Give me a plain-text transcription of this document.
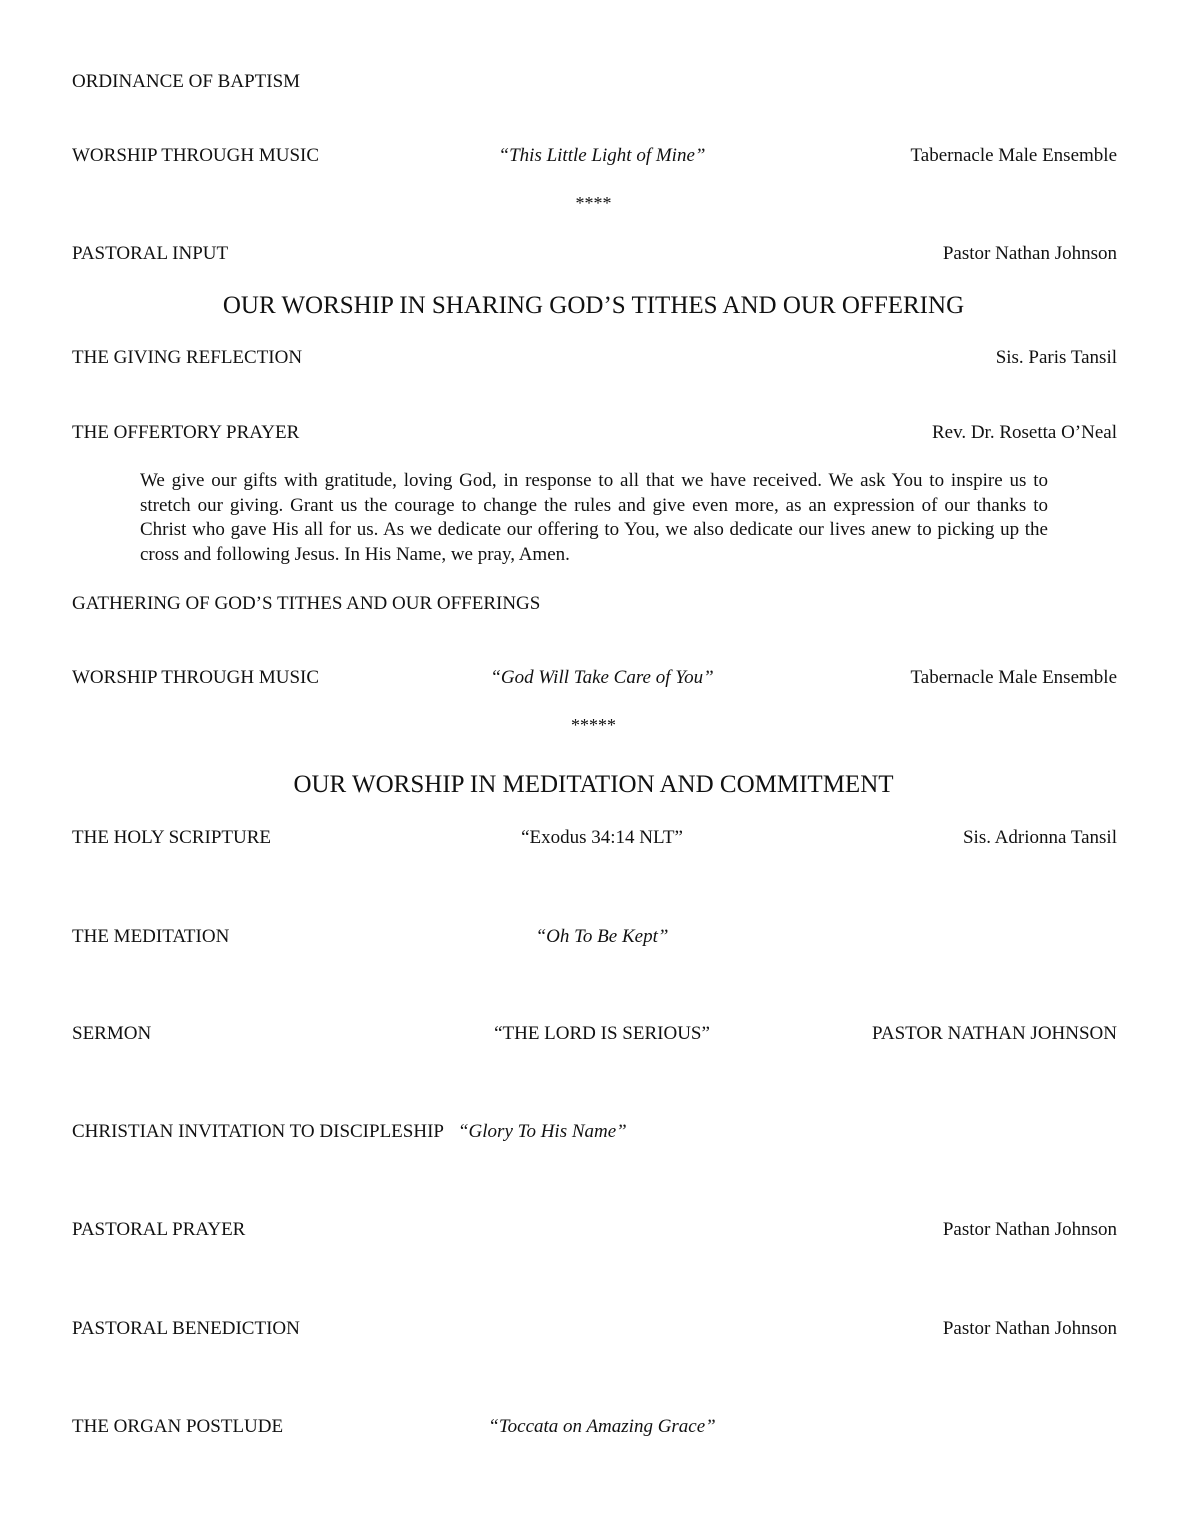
ORDINANCE OF BAPTISM
WORSHIP THROUGH MUSIC	“This Little Light of Mine”	Tabernacle Male Ensemble
****
PASTORAL INPUT	Pastor Nathan Johnson
OUR WORSHIP IN SHARING GOD’S TITHES AND OUR OFFERING
THE GIVING REFLECTION	Sis. Paris Tansil
THE OFFERTORY PRAYER	Rev. Dr. Rosetta O’Neal
We give our gifts with gratitude, loving God, in response to all that we have received. We ask You to inspire us to stretch our giving. Grant us the courage to change the rules and give even more, as an expression of our thanks to Christ who gave His all for us. As we dedicate our offering to You, we also dedicate our lives anew to picking up the cross and following Jesus. In His Name, we pray, Amen.
GATHERING OF GOD’S TITHES AND OUR OFFERINGS
WORSHIP THROUGH MUSIC	“God Will Take Care of You”	Tabernacle Male Ensemble
*****
OUR WORSHIP IN MEDITATION AND COMMITMENT
THE HOLY SCRIPTURE	“Exodus 34:14 NLT”	Sis. Adrionna Tansil
THE MEDITATION	“Oh To Be Kept”
SERMON	“THE LORD IS SERIOUS”	PASTOR NATHAN JOHNSON
CHRISTIAN INVITATION TO DISCIPLESHIP “Glory To His Name”
PASTORAL PRAYER	Pastor Nathan Johnson
PASTORAL BENEDICTION	Pastor Nathan Johnson
THE ORGAN POSTLUDE	“Toccata on Amazing Grace”
